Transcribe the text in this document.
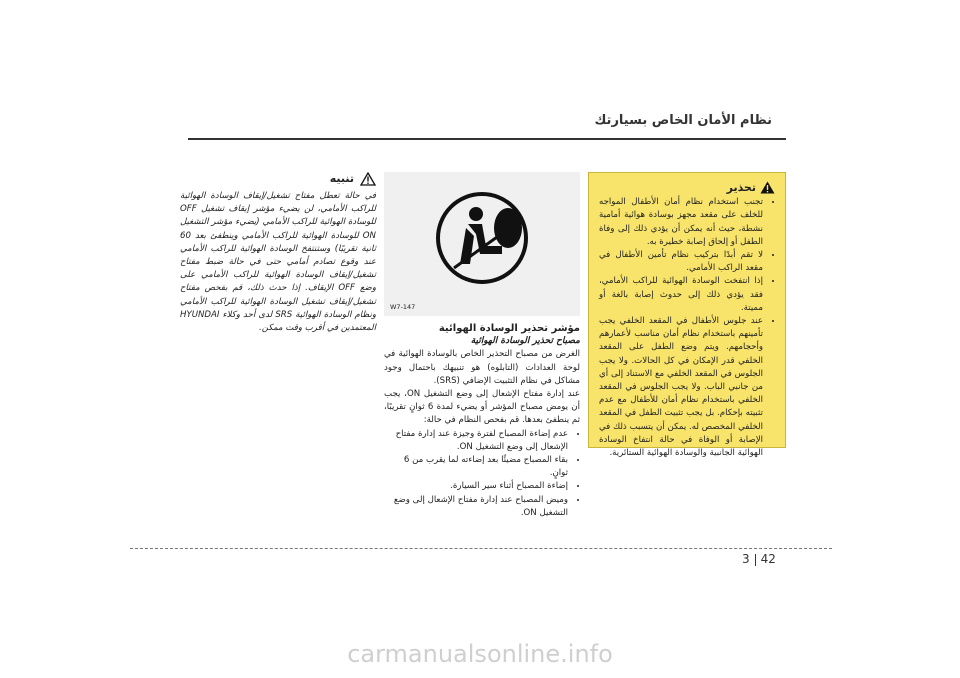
نظام الأمان الخاص بسيارتك
تحذير
• تجنب استخدام نظام أمان الأطفال المواجه للخلف على مقعد مجهز بوسادة هوائية أمامية نشطة، حيث أنه يمكن أن يؤدي ذلك إلى وفاة الطفل أو إلحاق إصابة خطيرة به.
• لا تقم أبدًا بتركيب نظام تأمين الأطفال في مقعد الراكب الأمامي.
• إذا انتفخت الوسادة الهوائية للراكب الأمامي، فقد يؤدي ذلك إلى حدوث إصابة بالغة أو مميتة.
• عند جلوس الأطفال في المقعد الخلفي يجب تأمينهم باستخدام نظام أمان مناسب لأعمارهم وأحجامهم. ويتم وضع الطفل على المقعد الخلفي قدر الإمكان في كل الحالات. ولا يجب الجلوس في المقعد الخلفي مع الاستناد إلى أي من جانبي الباب. ولا يجب الجلوس في المقعد الخلفي باستخدام نظام أمان للأطفال مع عدم تثبيته بإحكام. بل يجب تثبيت الطفل في المقعد الخلفي المخصص له. يمكن أن يتسبب ذلك في الإصابة أو الوفاة في حالة انتفاخ الوسادة الهوائية الجانبية والوسادة الهوائية الستائرية.
W7-147

مؤشر تحذير الوسادة الهوائية

مصباح تحذير الوسادة الهوائية

الغرض من مصباح التحذير الخاص بالوسادة الهوائية في لوحة العدادات (التابلوه) هو تنبيهك باحتمال وجود مشاكل في نظام التثبيت الإضافي (SRS).

عند إدارة مفتاح الإشعال إلى وضع التشغيل ON، يجب أن يومض مصباح المؤشر أو يضيء لمدة 6 ثوانٍ تقريبًا، ثم ينطفئ بعدها. قم بفحص النظام في حالة:

• عدم إضاءة المصباح لفترة وجيزة عند إدارة مفتاح الإشعال إلى وضع التشغيل ON.
• بقاء المصباح مضيئًا بعد إضاءته لما يقرب من 6 ثوانٍ.
• إضاءة المصباح أثناء سير السيارة.
• وميض المصباح عند إدارة مفتاح الإشعال إلى وضع التشغيل ON.
تنبيه

في حالة تعطل مفتاح تشغيل/إيقاف الوسادة الهوائية للراكب الأمامي، لن يضيء مؤشر إيقاف تشغيل OFF للوسادة الهوائية للراكب الأمامي (يضيء مؤشر التشغيل ON للوسادة الهوائية للراكب الأمامي وينطفئ بعد 60 ثانية تقريبًا) وستنتفخ الوسادة الهوائية للراكب الأمامي عند وقوع تصادم أمامي حتى في حالة ضبط مفتاح تشغيل/إيقاف الوسادة الهوائية للراكب الأمامي على وضع OFF الإيقاف. إذا حدث ذلك، قم بفحص مفتاح تشغيل/إيقاف تشغيل الوسادة الهوائية للراكب الأمامي ونظام الوسادة الهوائية SRS لدى أحد وكلاء HYUNDAI المعتمدين في أقرب وقت ممكن.

3 42
carmanualsonline.info
